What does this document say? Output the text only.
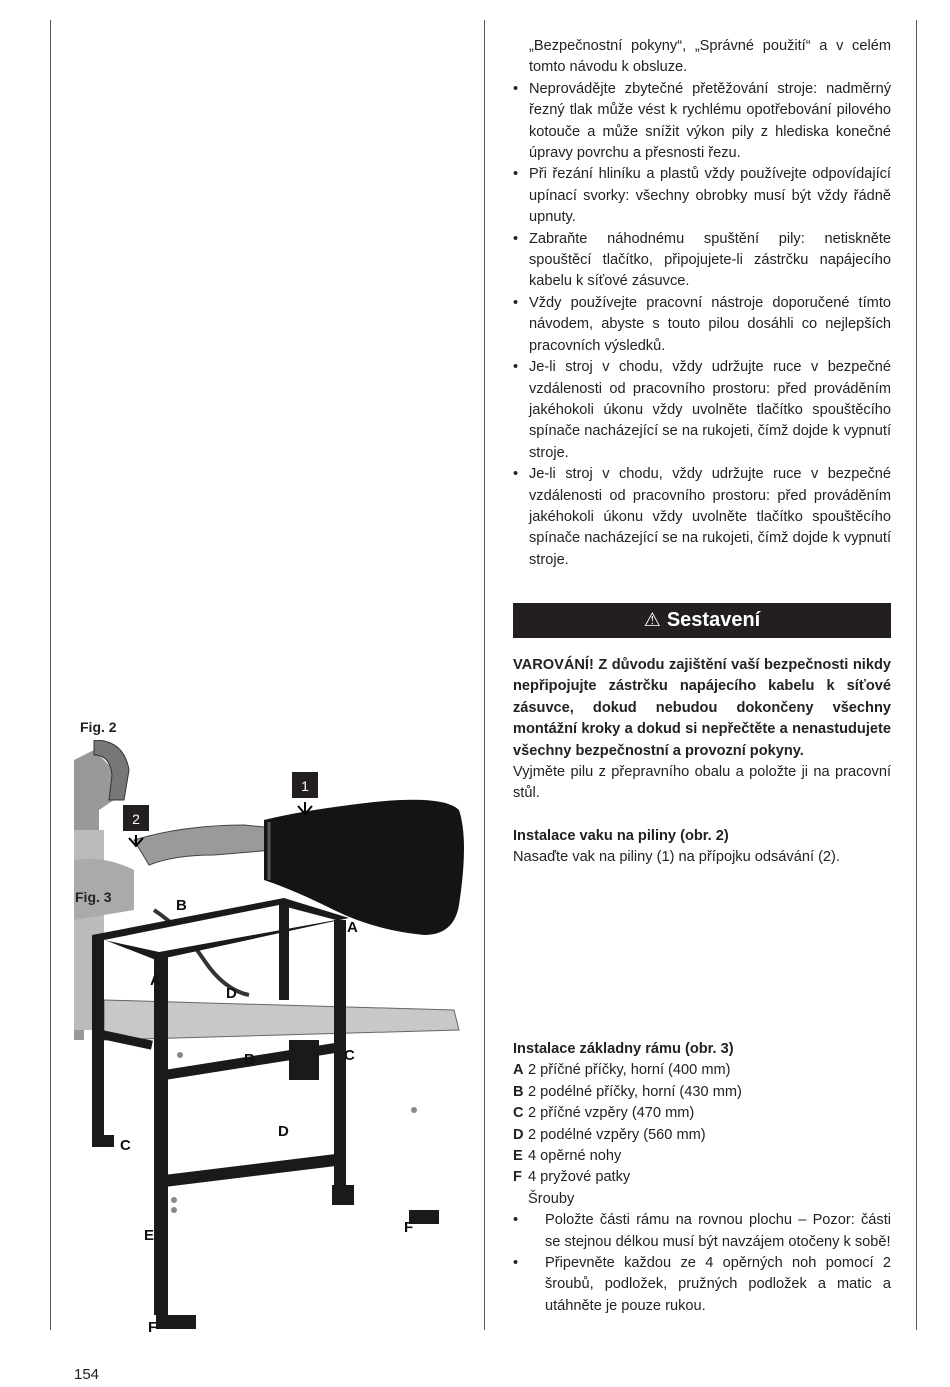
„Bezpečnostní pokyny“, „Správné použití“ a v celém tomto návodu k obsluze.

• Neprovádějte zbytečné přetěžování stroje: nadměrný řezný tlak může vést k rychlému opotřebování pilového kotouče a může snížit výkon pily z hlediska konečné úpravy povrchu a přesnosti řezu.
• Při řezání hliníku a plastů vždy používejte odpovídající upínací svorky: všechny obrobky musí být vždy řádně upnuty.
• Zabraňte náhodnému spuštění pily: netiskněte spouštěcí tlačítko, připojujete-li zástrčku napájecího kabelu k síťové zásuvce.
• Vždy používejte pracovní nástroje doporučené tímto návodem, abyste s touto pilou dosáhli co nejlepších pracovních výsledků.
• Je-li stroj v chodu, vždy udržujte ruce v bezpečné vzdálenosti od pracovního prostoru: před prováděním jakéhokoli úkonu vždy uvolněte tlačítko spouštěcího spínače nacházející se na rukojeti, čímž dojde k vypnutí stroje.
• Je-li stroj v chodu, vždy udržujte ruce v bezpečné vzdálenosti od pracovního prostoru: před prováděním jakéhokoli úkonu vždy uvolněte tlačítko spouštěcího spínače nacházející se na rukojeti, čímž dojde k vypnutí stroje.
⚠ Sestavení

VAROVÁNÍ! Z důvodu zajištění vaší bezpečnosti nikdy nepřipojujte zástrčku napájecího kabelu k síťové zásuvce, dokud nebudou dokončeny všechny montážní kroky a dokud si nepřečtěte a nenastudujete všechny bezpečnostní a provozní pokyny.

Vyjměte pilu z přepravního obalu a položte ji na pracovní stůl.

Instalace vaku na piliny (obr. 2)

Nasaďte vak na piliny (1) na přípojku odsávání (2).

Instalace základny rámu (obr. 3)

A 2 příčné příčky, horní (400 mm)
B 2 podélné příčky, horní (430 mm)
C 2 příčné vzpěry (470 mm)
D 2 podélné vzpěry (560 mm)
E 4 opěrné nohy
F 4 pryžové patky
Šrouby
• Položte části rámu na rovnou plochu – Pozor: části se stejnou délkou musí být navzájem otočeny k sobě!
• Připevněte každou ze 4 opěrných noh pomocí 2 šroubů, podložek, pružných podložek a matic a utáhněte je pouze rukou.
Fig. 2
1
2
B
A
A
D
B	C
D
C
E	F
F
Fig. 3
154
